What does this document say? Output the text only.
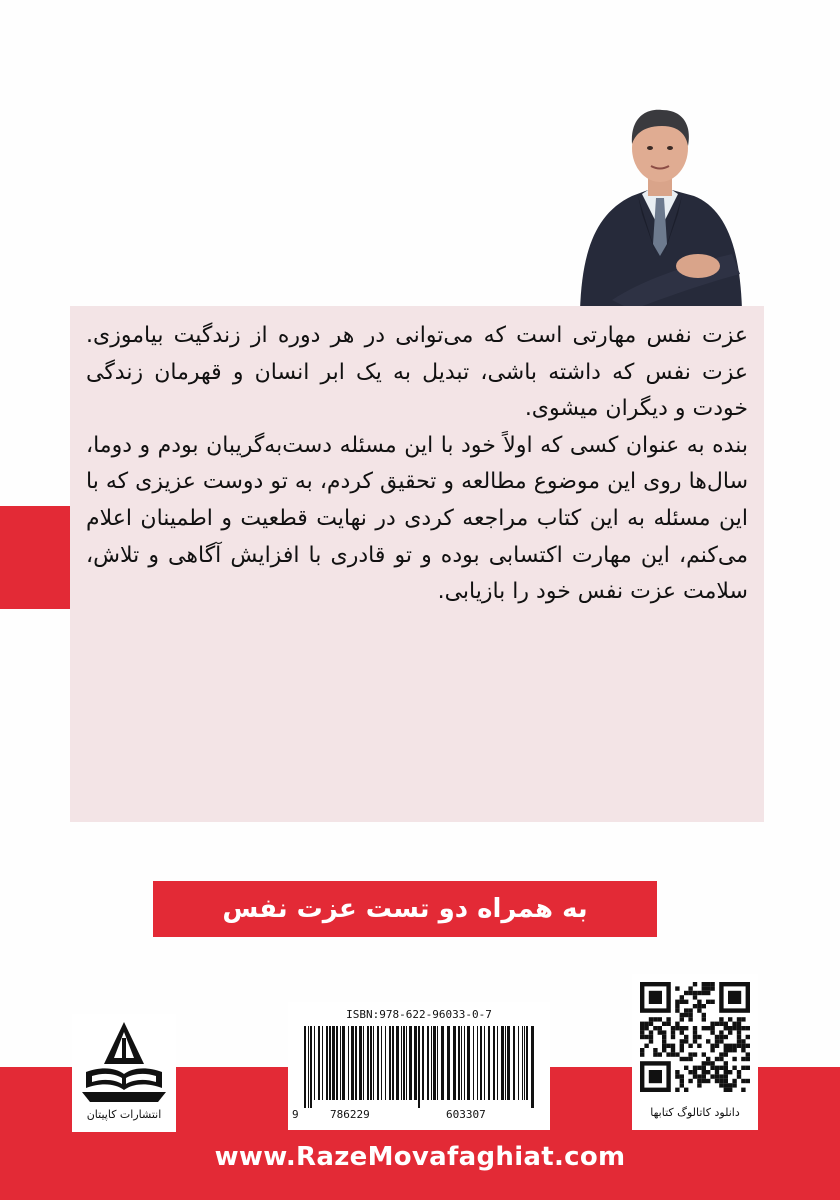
عزت نفس مهارتی است که می‌توانی در هر دوره از زندگیت بیاموزی. عزت نفس که داشته باشی، تبدیل به یک ابر انسان و قهرمان زندگی خودت و دیگران میشوی.

بنده به عنوان کسی که اولاً خود با این مسئله دست‌به‌گریبان بودم و دوما، سال‌ها روی این موضوع مطالعه و تحقیق کردم، به تو دوست عزیزی که با این مسئله به این کتاب مراجعه کردی در نهایت قطعیت و اطمینان اعلام می‌کنم، این مهارت اکتسابی بوده و تو قادری با افزایش آگاهی و تلاش، سلامت عزت نفس خود را بازیابی.

به همراه دو تست عزت نفس
انتشارات کاپیتان
ISBN:978-622-96033-0-7
9	786229	603307	دانلود کاتالوگ کتابها
www.RazeMovafaghiat.com
